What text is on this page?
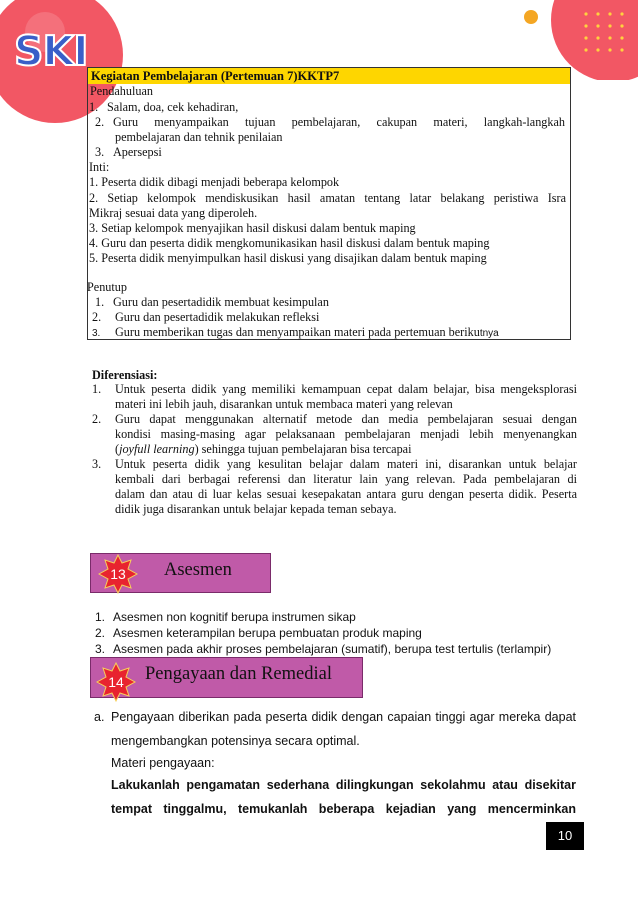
SKI
Kegiatan Pembelajaran (Pertemuan 7)KKTP7
Pendahuluan
1. Salam, doa, cek kehadiran,
2. Guru menyampaikan tujuan pembelajaran, cakupan materi, langkah-langkah
pembelajaran dan tehnik penilaian
3. Apersepsi
Inti:
1. Peserta didik dibagi menjadi beberapa kelompok
2. Setiap kelompok mendiskusikan hasil amatan tentang latar belakang peristiwa Isra
Mikraj sesuai data yang diperoleh.
3. Setiap kelompok menyajikan hasil diskusi dalam bentuk maping
4. Guru dan peserta didik mengkomunikasikan hasil diskusi dalam bentuk maping
5. Peserta didik menyimpulkan hasil diskusi yang disajikan dalam bentuk maping
Penutup
1. Guru dan pesertadidik membuat kesimpulan
2. Guru dan pesertadidik melakukan refleksi
3. Guru memberikan tugas dan menyampaikan materi pada pertemuan berikutnya
Diferensiasi:
1. Untuk peserta didik yang memiliki kemampuan cepat dalam belajar, bisa mengeksplorasi
materi ini lebih jauh, disarankan untuk membaca materi yang relevan
2. Guru dapat menggunakan alternatif metode dan media pembelajaran sesuai dengan
kondisi masing-masing agar pelaksanaan pembelajaran menjadi lebih menyenangkan
(joyfull learning) sehingga tujuan pembelajaran bisa tercapai
3. Untuk peserta didik yang kesulitan belajar dalam materi ini, disarankan untuk belajar
kembali dari berbagai referensi dan literatur lain yang relevan. Pada pembelajaran di
dalam dan atau di luar kelas sesuai kesepakatan antara guru dengan peserta didik. Peserta
didik juga disarankan untuk belajar kepada teman sebaya.
13	Asesmen
1. Asesmen non kognitif berupa instrumen sikap
2. Asesmen keterampilan berupa pembuatan produk maping
3. Asesmen pada akhir proses pembelajaran (sumatif), berupa test tertulis (terlampir)
14	Pengayaan dan Remedial
a. Pengayaan diberikan pada peserta didik dengan capaian tinggi agar mereka dapat
mengembangkan potensinya secara optimal.
Materi pengayaan:
Lakukanlah pengamatan sederhana dilingkungan sekolahmu atau disekitar
tempat tinggalmu, temukanlah beberapa kejadian yang mencerminkan
10
